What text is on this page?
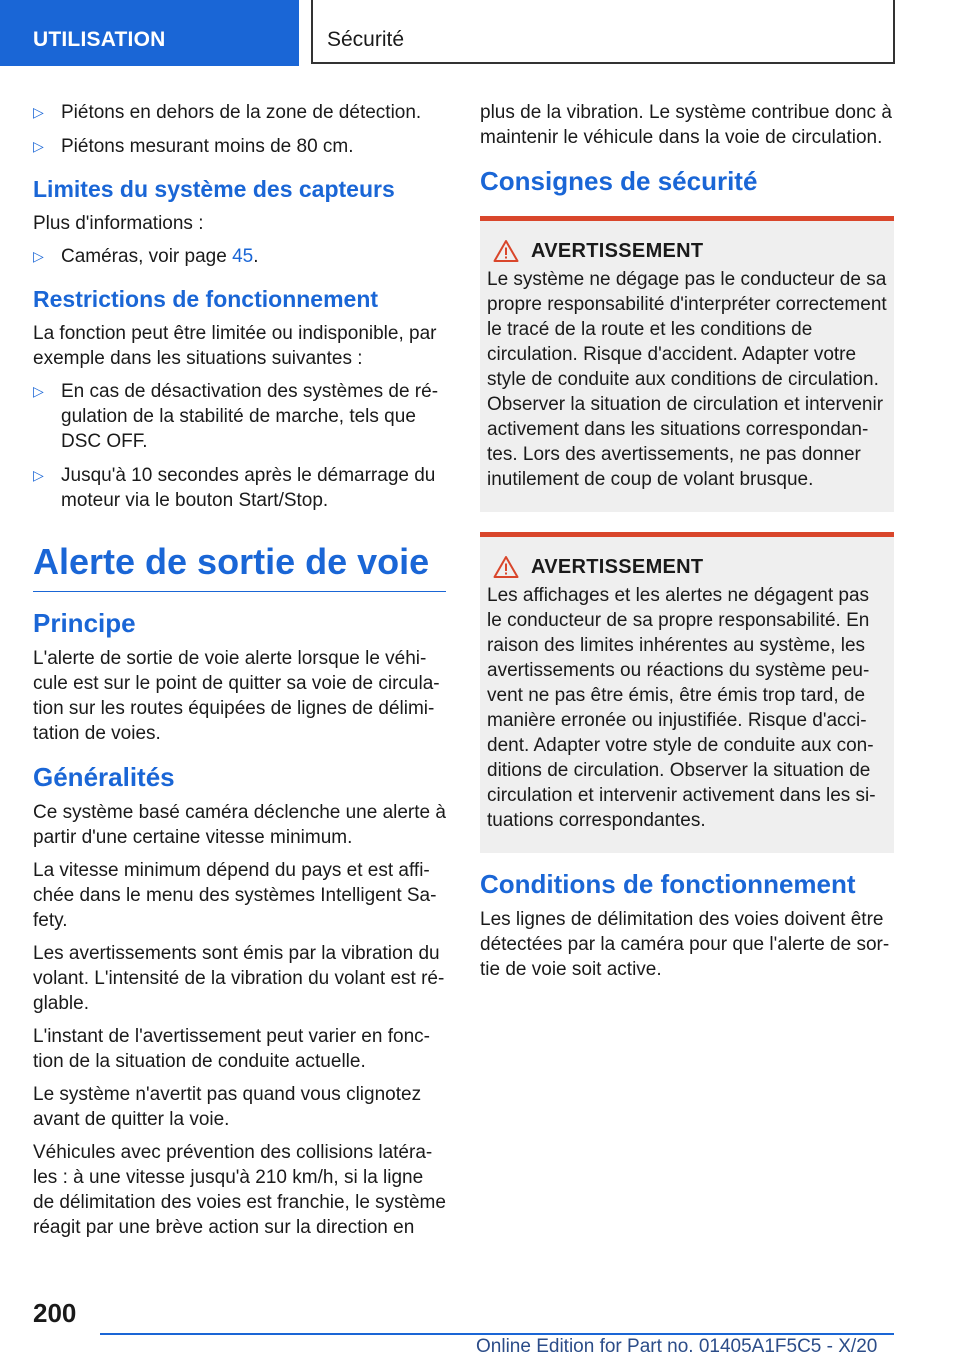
UTILISATION	Sécurité
▷ Piétons en dehors de la zone de détection.
▷ Piétons mesurant moins de 80 cm.
Limites du système des capteurs

Plus d'informations :

▷ Caméras, voir page 45.
Restrictions de fonctionnement

La fonction peut être limitée ou indisponible, par exemple dans les situations suivantes :

▷ En cas de désactivation des systèmes de régulation de la stabilité de marche, tels que DSC OFF.
▷ Jusqu'à 10 secondes après le démarrage du moteur via le bouton Start/Stop.
Alerte de sortie de voie
Principe

L'alerte de sortie de voie alerte lorsque le véhicule est sur le point de quitter sa voie de circulation sur les routes équipées de lignes de délimitation de voies.

Généralités

Ce système basé caméra déclenche une alerte à partir d'une certaine vitesse minimum.

La vitesse minimum dépend du pays et est affichée dans le menu des systèmes Intelligent Safety.

Les avertissements sont émis par la vibration du volant. L'intensité de la vibration du volant est réglable.

L'instant de l'avertissement peut varier en fonction de la situation de conduite actuelle.

Le système n'avertit pas quand vous clignotez avant de quitter la voie.

Véhicules avec prévention des collisions latérales : à une vitesse jusqu'à 210 km/h, si la ligne de délimitation des voies est franchie, le système réagit par une brève action sur la direction en

plus de la vibration. Le système contribue donc à maintenir le véhicule dans la voie de circulation.

Consignes de sécurité
AVERTISSEMENT

Le système ne dégage pas le conducteur de sa propre responsabilité d'interpréter correctement le tracé de la route et les conditions de circulation. Risque d'accident. Adapter votre style de conduite aux conditions de circulation. Observer la situation de circulation et intervenir activement dans les situations correspondantes. Lors des avertissements, ne pas donner inutilement de coup de volant brusque.

AVERTISSEMENT

Les affichages et les alertes ne dégagent pas le conducteur de sa propre responsabilité. En raison des limites inhérentes au système, les avertissements ou réactions du système peuvent ne pas être émis, être émis trop tard, de manière erronée ou injustifiée. Risque d'accident. Adapter votre style de conduite aux conditions de circulation. Observer la situation de circulation et intervenir activement dans les situations correspondantes.

Conditions de fonctionnement

Les lignes de délimitation des voies doivent être détectées par la caméra pour que l'alerte de sortie de voie soit active.

200
Online Edition for Part no. 01405A1F5C5 - X/20
